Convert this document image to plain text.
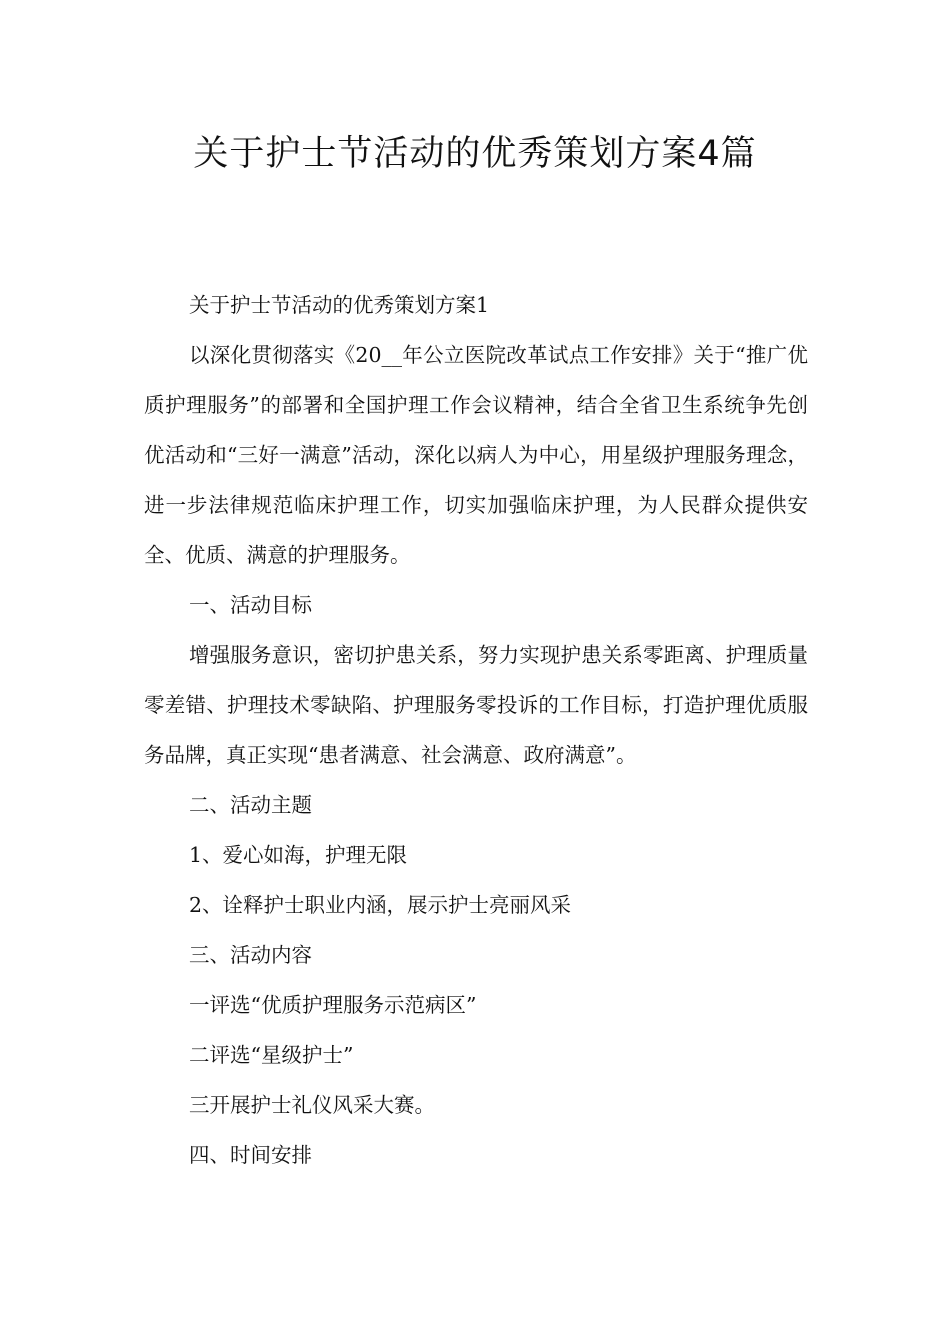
关于护士节活动的优秀策划方案4篇

关于护士节活动的优秀策划方案1

以深化贯彻落实《20__年公立医院改革试点工作安排》关于“推广优质护理服务”的部署和全国护理工作会议精神，结合全省卫生系统争先创优活动和“三好一满意”活动，深化以病人为中心，用星级护理服务理念，进一步法律规范临床护理工作，切实加强临床护理，为人民群众提供安全、优质、满意的护理服务。

一、活动目标

增强服务意识，密切护患关系，努力实现护患关系零距离、护理质量零差错、护理技术零缺陷、护理服务零投诉的工作目标，打造护理优质服务品牌，真正实现“患者满意、社会满意、政府满意”。

二、活动主题

1、爱心如海，护理无限

2、诠释护士职业内涵，展示护士亮丽风采

三、活动内容

一评选“优质护理服务示范病区”

二评选“星级护士”

三开展护士礼仪风采大赛。

四、时间安排
